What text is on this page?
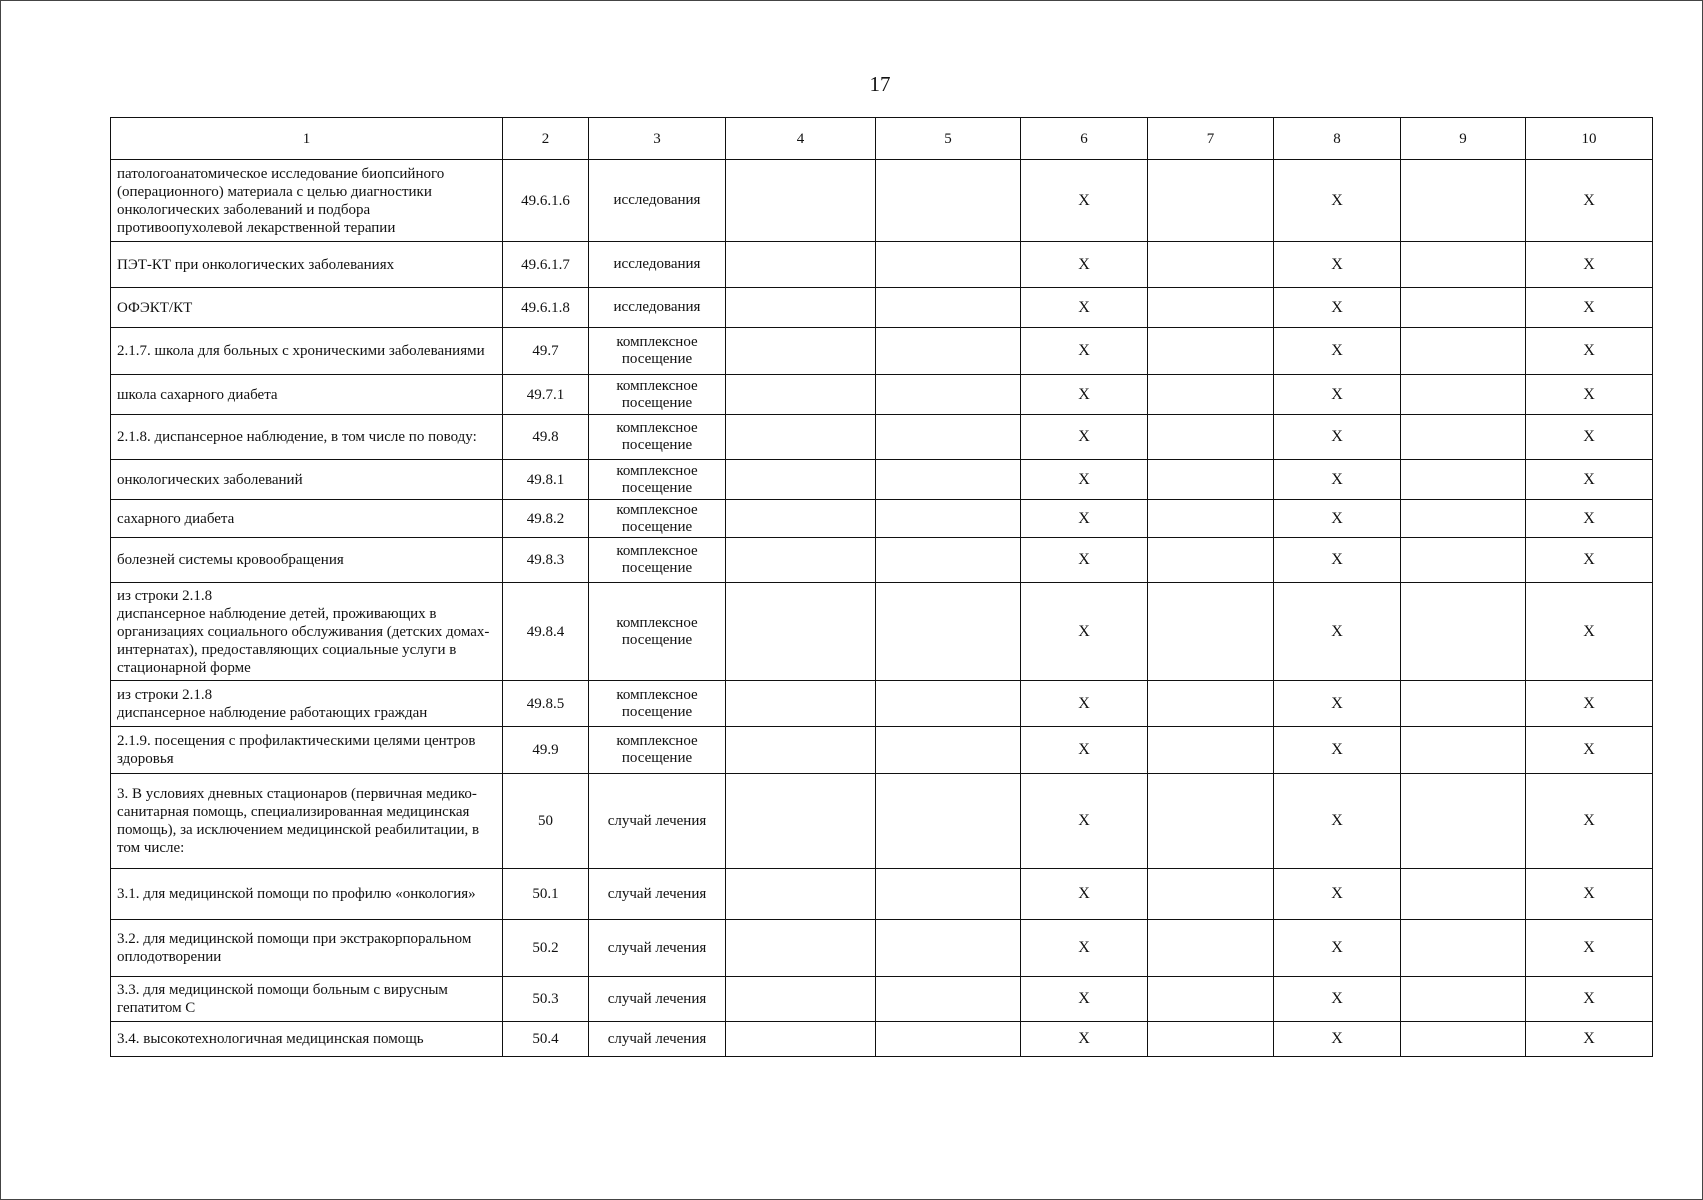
17
1	2	3	4	5	6	7	8	9	10
патологоанатомическое исследование биопсийного (операционного) материала с целью диагностики онкологических заболеваний и подбора противоопухолевой лекарственной терапии	49.6.1.6	исследования			X		X		X
ПЭТ-КТ при онкологических заболеваниях	49.6.1.7	исследования			X		X		X
ОФЭКТ/КТ	49.6.1.8	исследования			X		X		X
2.1.7. школа для больных с хроническими заболеваниями	49.7	комплексное посещение			X		X		X
школа сахарного диабета	49.7.1	комплексное посещение			X		X		X
2.1.8. диспансерное наблюдение, в том числе по поводу:	49.8	комплексное посещение			X		X		X
онкологических заболеваний	49.8.1	комплексное посещение			X		X		X
сахарного диабета	49.8.2	комплексное посещение			X		X		X
болезней системы кровообращения	49.8.3	комплексное посещение			X		X		X
из строки 2.1.8
диспансерное наблюдение детей, проживающих в организациях социального обслуживания (детских домах-интернатах), предоставляющих социальные услуги в стационарной форме	49.8.4	комплексное посещение			X		X		X
из строки 2.1.8
диспансерное наблюдение работающих граждан	49.8.5	комплексное посещение			X		X		X
2.1.9. посещения с профилактическими целями центров здоровья	49.9	комплексное посещение			X		X		X
3. В условиях дневных стационаров (первичная медико-санитарная помощь, специализированная медицинская помощь), за исключением медицинской реабилитации, в том числе:	50	случай лечения			X		X		X
3.1. для медицинской помощи по профилю «онкология»	50.1	случай лечения			X		X		X
3.2. для медицинской помощи при экстракорпоральном
оплодотворении	50.2	случай лечения			X		X		X
3.3. для медицинской помощи больным с вирусным гепатитом С	50.3	случай лечения			X		X		X
3.4. высокотехнологичная медицинская помощь	50.4	случай лечения			X		X		X
